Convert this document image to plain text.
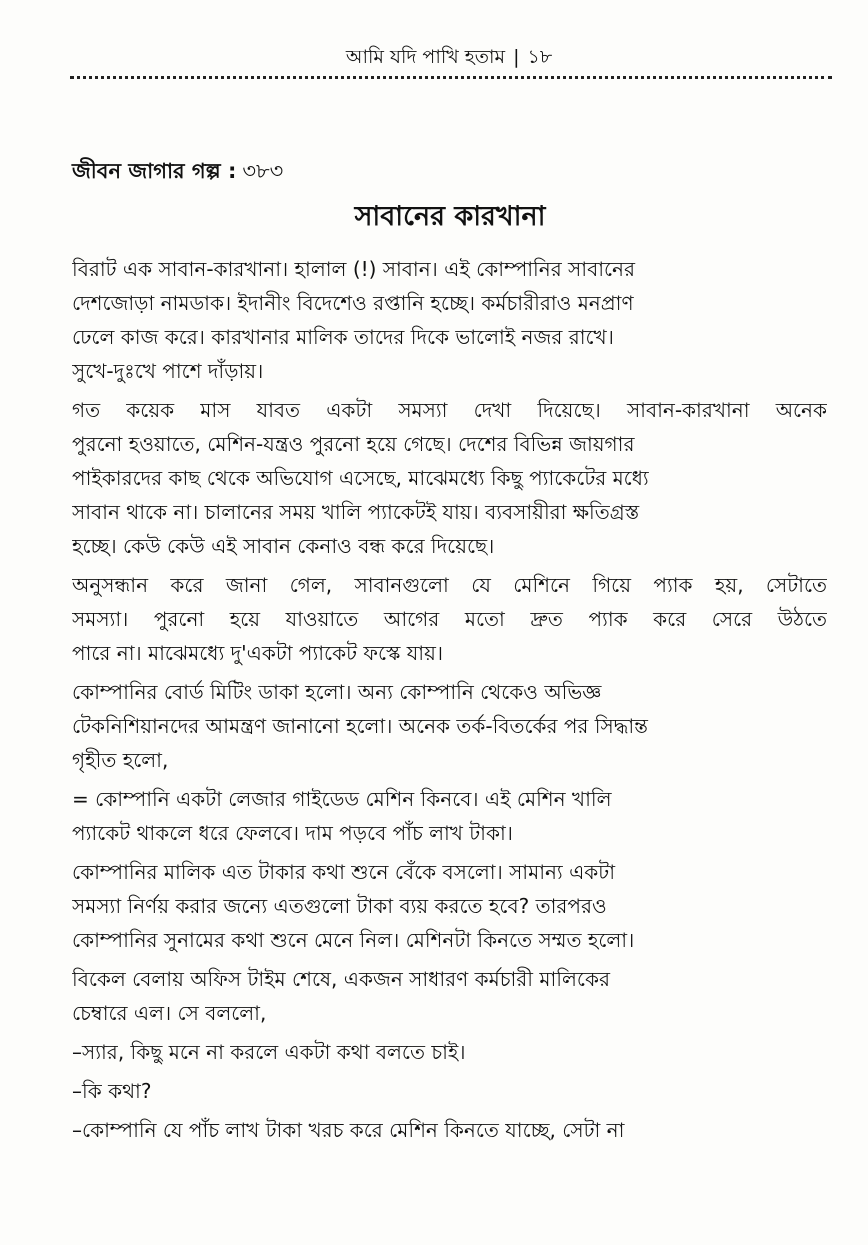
আমি যদি পাখি হতাম | ১৮
জীবন জাগার গল্প : ৩৮৩
সাবানের কারখানা
বিরাট এক সাবান-কারখানা। হালাল (!) সাবান। এই কোম্পানির সাবানের
দেশজোড়া নামডাক। ইদানীং বিদেশেও রপ্তানি হচ্ছে। কর্মচারীরাও মনপ্রাণ
ঢেলে কাজ করে। কারখানার মালিক তাদের দিকে ভালোই নজর রাখে।
সুখে-দুঃখে পাশে দাঁড়ায়।
গত কয়েক মাস যাবত একটা সমস্যা দেখা দিয়েছে। সাবান-কারখানা অনেক
পুরনো হওয়াতে, মেশিন-যন্ত্রও পুরনো হয়ে গেছে। দেশের বিভিন্ন জায়গার
পাইকারদের কাছ থেকে অভিযোগ এসেছে, মাঝেমধ্যে কিছু প্যাকেটের মধ্যে
সাবান থাকে না। চালানের সময় খালি প্যাকেটই যায়। ব্যবসায়ীরা ক্ষতিগ্রস্ত
হচ্ছে। কেউ কেউ এই সাবান কেনাও বন্ধ করে দিয়েছে।
অনুসন্ধান করে জানা গেল, সাবানগুলো যে মেশিনে গিয়ে প্যাক হয়, সেটাতে
সমস্যা। পুরনো হয়ে যাওয়াতে আগের মতো দ্রুত প্যাক করে সেরে উঠতে
পারে না। মাঝেমধ্যে দু'একটা প্যাকেট ফস্কে যায়।
কোম্পানির বোর্ড মিটিং ডাকা হলো। অন্য কোম্পানি থেকেও অভিজ্ঞ
টেকনিশিয়ানদের আমন্ত্রণ জানানো হলো। অনেক তর্ক-বিতর্কের পর সিদ্ধান্ত
গৃহীত হলো,
= কোম্পানি একটা লেজার গাইডেড মেশিন কিনবে। এই মেশিন খালি
প্যাকেট থাকলে ধরে ফেলবে। দাম পড়বে পাঁচ লাখ টাকা।
কোম্পানির মালিক এত টাকার কথা শুনে বেঁকে বসলো। সামান্য একটা
সমস্যা নির্ণয় করার জন্যে এতগুলো টাকা ব্যয় করতে হবে? তারপরও
কোম্পানির সুনামের কথা শুনে মেনে নিল। মেশিনটা কিনতে সম্মত হলো।
বিকেল বেলায় অফিস টাইম শেষে, একজন সাধারণ কর্মচারী মালিকের
চেম্বারে এল। সে বললো,
–স্যার, কিছু মনে না করলে একটা কথা বলতে চাই।
–কি কথা?
–কোম্পানি যে পাঁচ লাখ টাকা খরচ করে মেশিন কিনতে যাচ্ছে, সেটা না
